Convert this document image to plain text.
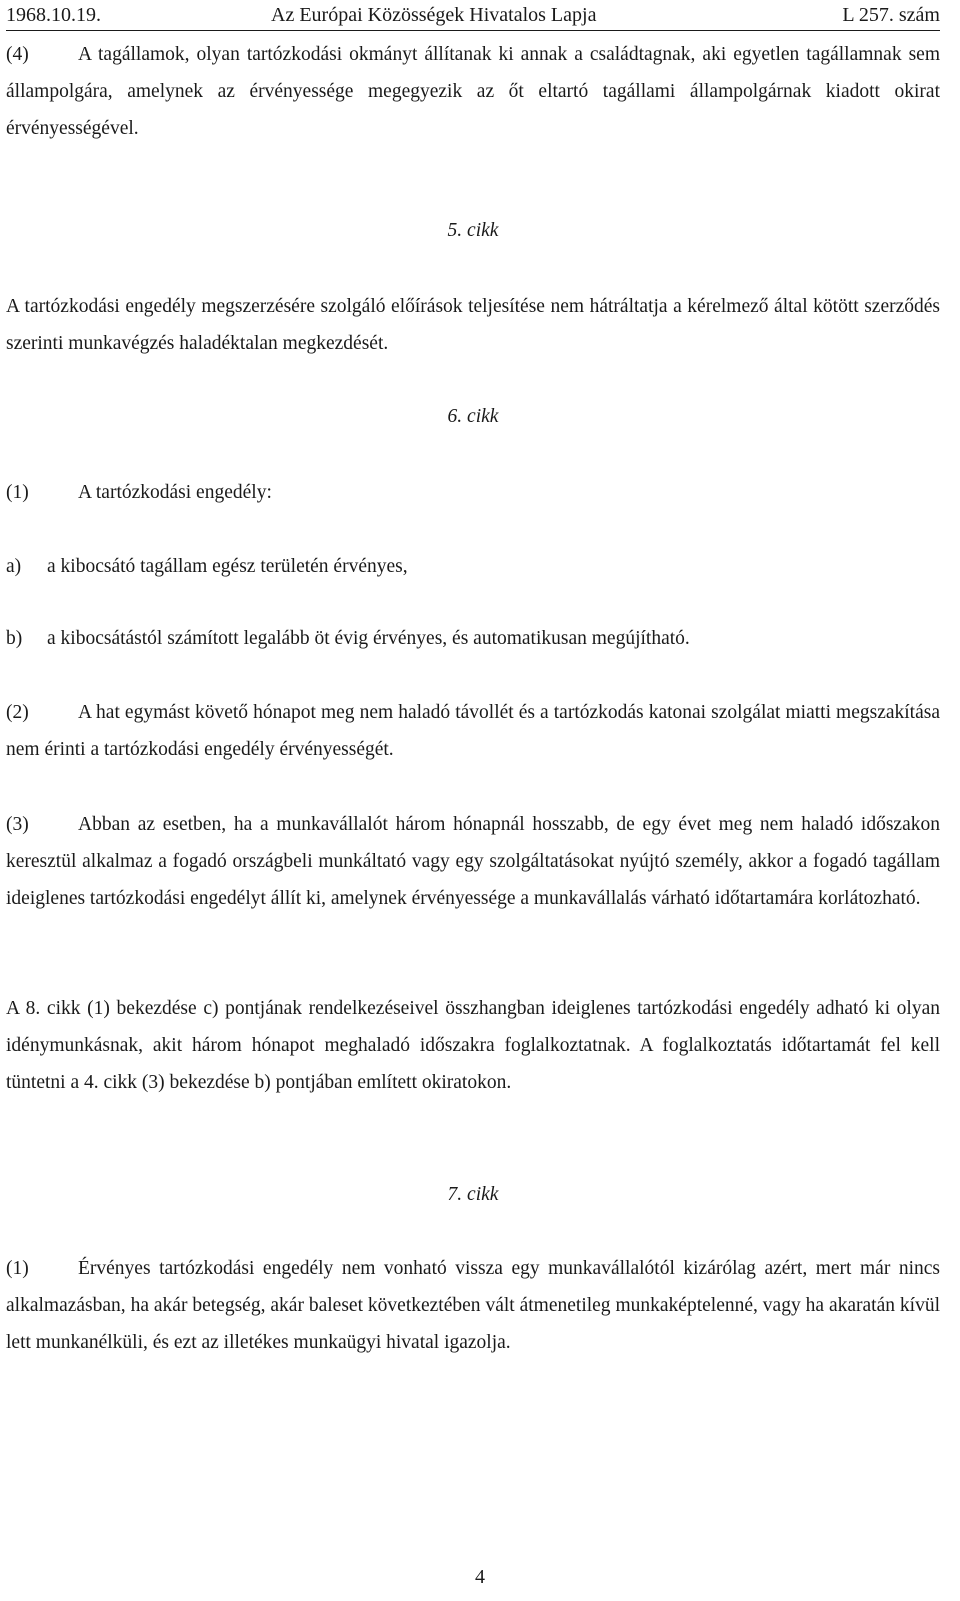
1968.10.19.	Az Európai Közösségek Hivatalos Lapja	L 257. szám

(4)	A tagállamok, olyan tartózkodási okmányt állítanak ki annak a családtagnak, aki egyetlen tagállamnak sem állampolgára, amelynek az érvényessége megegyezik az őt eltartó tagállami állampolgárnak kiadott okirat érvényességével.

5. cikk

A tartózkodási engedély megszerzésére szolgáló előírások teljesítése nem hátráltatja a kérelmező által kötött szerződés szerinti munkavégzés haladéktalan megkezdését.

6. cikk

(1)	A tartózkodási engedély:

a) a kibocsátó tagállam egész területén érvényes,

b) a kibocsátástól számított legalább öt évig érvényes, és automatikusan megújítható.

(2)	A hat egymást követő hónapot meg nem haladó távollét és a tartózkodás katonai szolgálat miatti megszakítása nem érinti a tartózkodási engedély érvényességét.

(3)	Abban az esetben, ha a munkavállalót három hónapnál hosszabb, de egy évet meg nem haladó időszakon keresztül alkalmaz a fogadó országbeli munkáltató vagy egy szolgáltatásokat nyújtó személy, akkor a fogadó tagállam ideiglenes tartózkodási engedélyt állít ki, amelynek érvényessége a munkavállalás várható időtartamára korlátozható.

A 8. cikk (1) bekezdése c) pontjának rendelkezéseivel összhangban ideiglenes tartózkodási engedély adható ki olyan idénymunkásnak, akit három hónapot meghaladó időszakra foglalkoztatnak. A foglalkoztatás időtartamát fel kell tüntetni a 4. cikk (3) bekezdése b) pontjában említett okiratokon.

7. cikk

(1)	Érvényes tartózkodási engedély nem vonható vissza egy munkavállalótól kizárólag azért, mert már nincs alkalmazásban, ha akár betegség, akár baleset következtében vált átmenetileg munkaképtelenné, vagy ha akaratán kívül lett munkanélküli, és ezt az illetékes munkaügyi hivatal igazolja.

4
